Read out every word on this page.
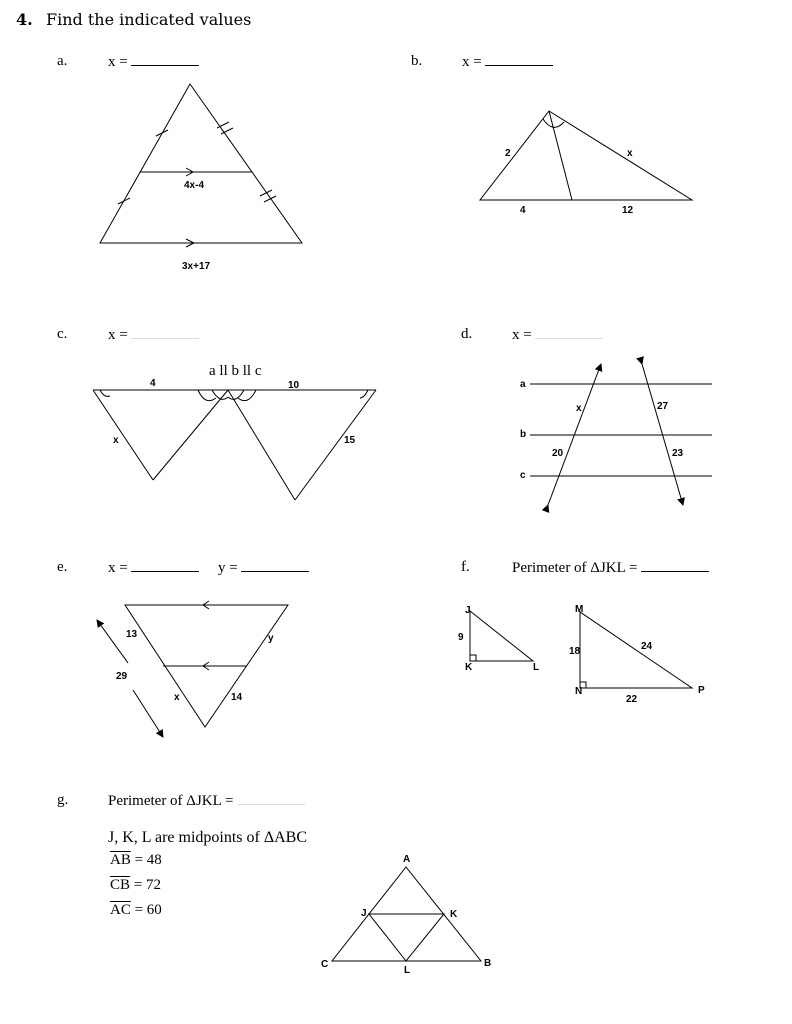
4. Find the indicated values
a.	x =	b.	x =
c.	x =
a ll b ll c
d.	x =
e.	x =	y =	f.	Perimeter of ΔJKL =
g.	Perimeter of ΔJKL =
J, K, L are midpoints of ΔABC
$\overline{AB} = 48$
$\overline{CB} = 72$
$\overline{AC} = 60$
4x-4
3x+17
2	x
4	12
4	10
x	15
a
b
c
x	27
20	23
13
29
x	14
y
J
K	L
9
M
N	P
18	24
22
A
B
C
J	K
L
